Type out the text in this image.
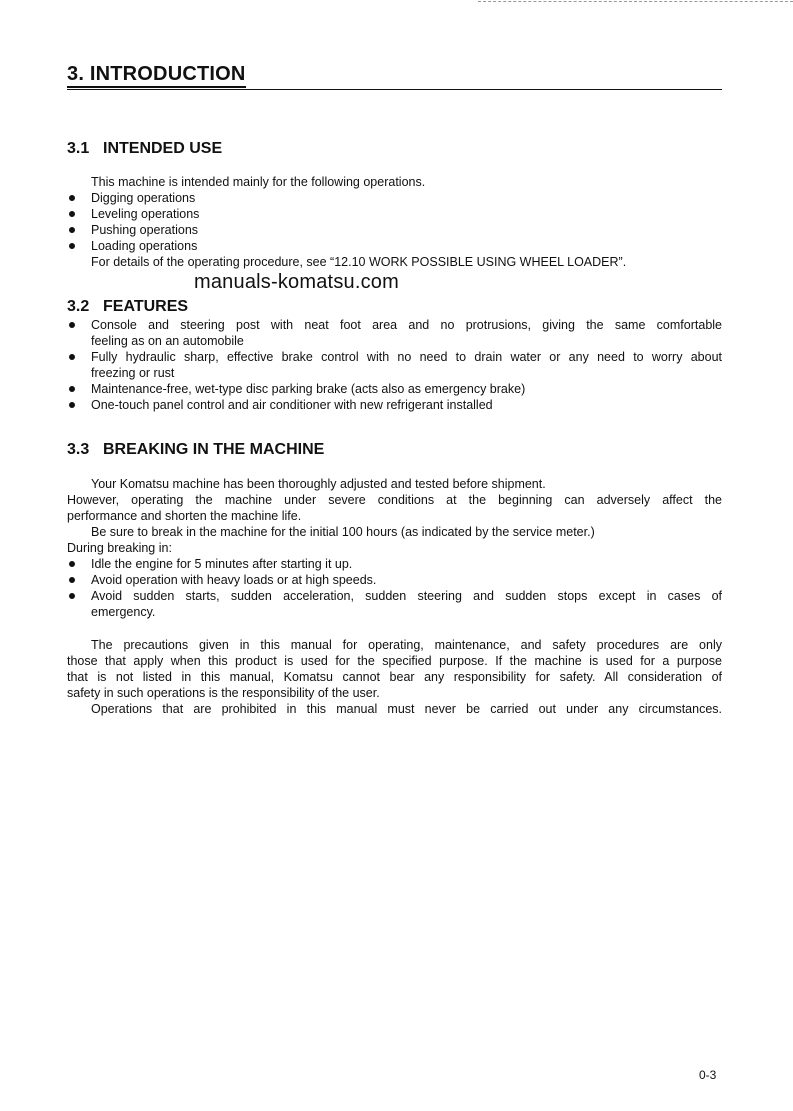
3. INTRODUCTION
3.1 INTENDED USE
This machine is intended mainly for the following operations.
Digging operations
Leveling operations
Pushing operations
Loading operations
For details of the operating procedure, see “12.10 WORK POSSIBLE USING WHEEL LOADER”.
manuals-komatsu.com
3.2 FEATURES
Console and steering post with neat foot area and no protrusions, giving the same comfortable
feeling as on an automobile
Fully hydraulic sharp, effective brake control with no need to drain water or any need to worry about
freezing or rust
Maintenance-free, wet-type disc parking brake (acts also as emergency brake)
One-touch panel control and air conditioner with new refrigerant installed
3.3 BREAKING IN THE MACHINE
Your Komatsu machine has been thoroughly adjusted and tested before shipment.
However, operating the machine under severe conditions at the beginning can adversely affect the
performance and shorten the machine life.
Be sure to break in the machine for the initial 100 hours (as indicated by the service meter.)
During breaking in:
Idle the engine for 5 minutes after starting it up.
Avoid operation with heavy loads or at high speeds.
Avoid sudden starts, sudden acceleration, sudden steering and sudden stops except in cases of
emergency.
The precautions given in this manual for operating, maintenance, and safety procedures are only
those that apply when this product is used for the specified purpose. If the machine is used for a purpose
that is not listed in this manual, Komatsu cannot bear any responsibility for safety. All consideration of
safety in such operations is the responsibility of the user.
Operations that are prohibited in this manual must never be carried out under any circumstances.
0-3
